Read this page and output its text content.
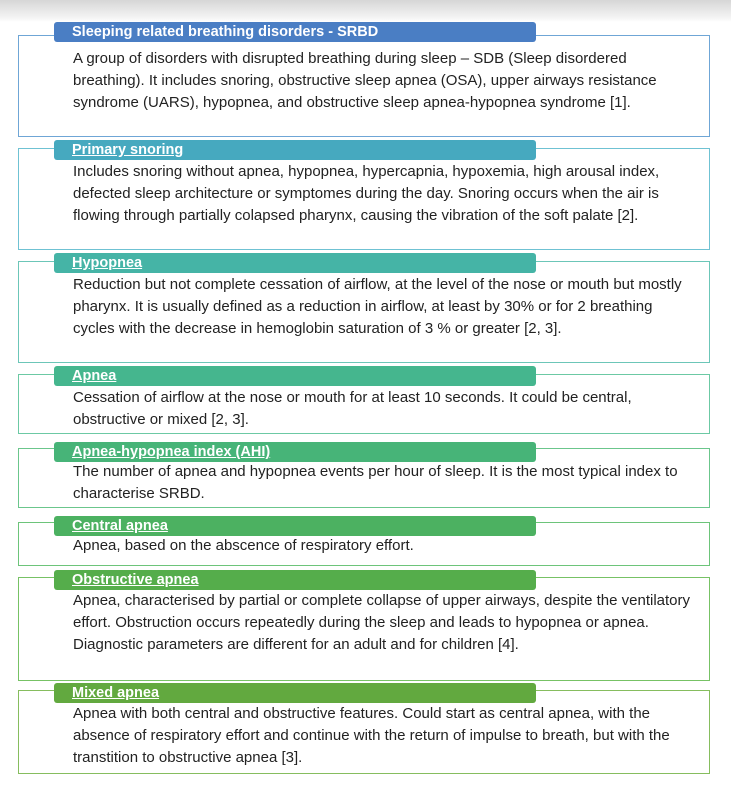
A group of disorders with disrupted breathing during sleep – SDB (Sleep disordered breathing). It includes snoring, obstructive sleep apnea (OSA), upper airways resistance syndrome (UARS), hypopnea, and obstructive sleep apnea-hypopnea syndrome [1].
Sleeping related breathing disorders - SRBD
Includes snoring without apnea, hypopnea, hypercapnia, hypoxemia, high arousal index, defected sleep architecture or symptomes during the day. Snoring occurs when the air is flowing through partially colapsed pharynx, causing the vibration of the soft palate [2].
Primary snoring
Reduction but not complete cessation of airflow, at the level of the nose or mouth but mostly pharynx. It is usually defined as a reduction in airflow, at least by 30% or for 2 breathing cycles with the decrease in hemoglobin saturation of 3 % or greater [2, 3].
Hypopnea
Cessation of airflow at the nose or mouth for at least 10 seconds. It could be central, obstructive or mixed [2, 3].
Apnea
The number of apnea and hypopnea events per hour of sleep. It is the most typical index to characterise SRBD.
Apnea-hypopnea index (AHI)
Apnea, based on the abscence of respiratory effort.
Central apnea
Apnea, characterised by partial or complete collapse of upper airways, despite the ventilatory effort. Obstruction occurs repeatedly during the sleep and leads to hypopnea or apnea. Diagnostic parameters are different for an adult and for children [4].
Obstructive apnea
Apnea with both central and obstructive features. Could start as central apnea, with the absence of respiratory effort and continue with the return of impulse to breath, but with the transtition to obstructive apnea [3].
Mixed apnea
